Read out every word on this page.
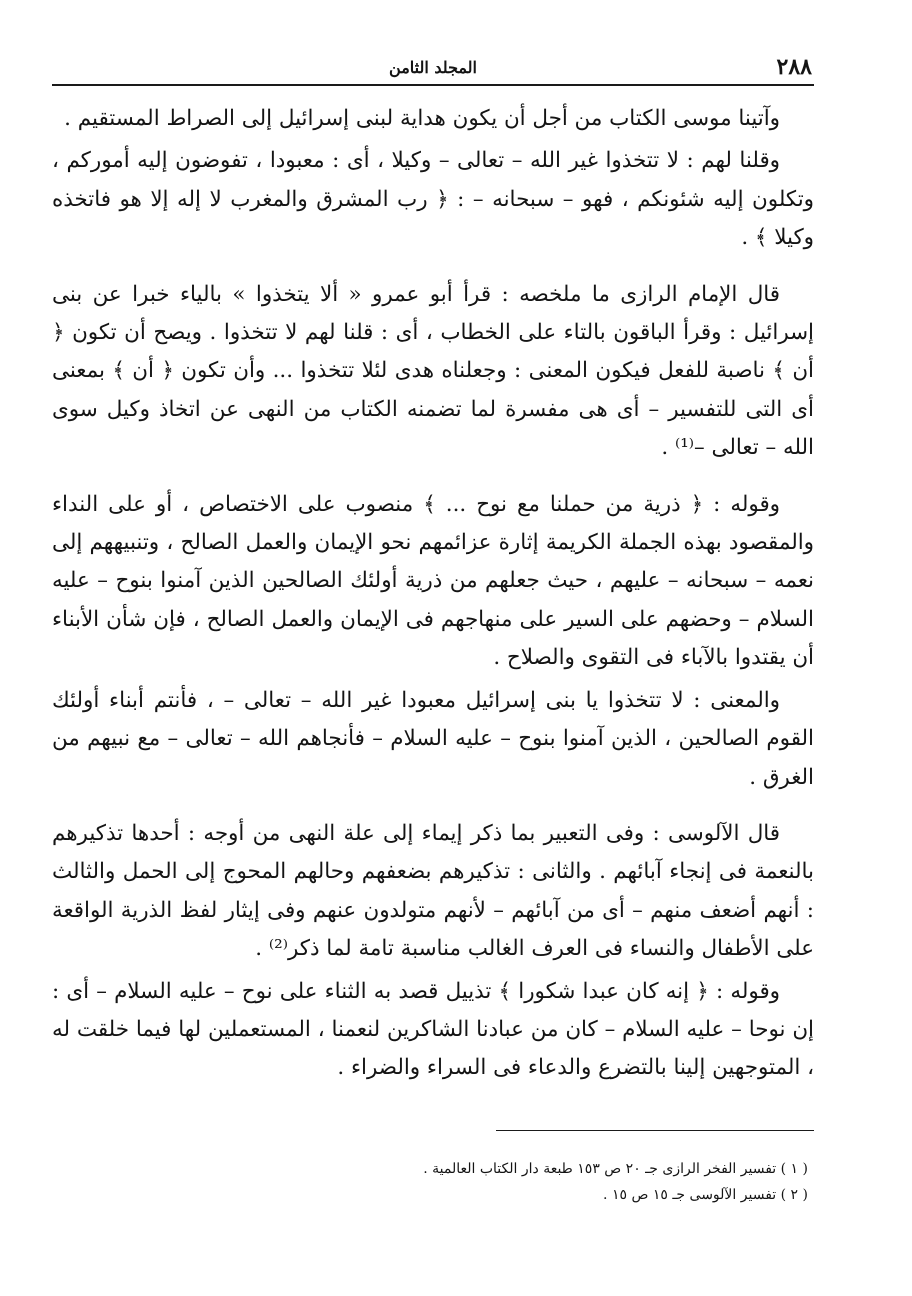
٢٨٨
المجلد الثامن

وآتينا موسى الكتاب من أجل أن يكون هداية لبنى إسرائيل إلى الصراط المستقيم .

وقلنا لهم : لا تتخذوا غير الله – تعالى – وكيلا ، أى : معبودا ، تفوضون إليه أموركم ، وتكلون إليه شئونكم ، فهو – سبحانه – : ﴿ رب المشرق والمغرب لا إله إلا هو فاتخذه وكيلا ﴾ .

قال الإمام الرازى ما ملخصه : قرأ أبو عمرو « ألا يتخذوا » بالياء خبرا عن بنى إسرائيل : وقرأ الباقون بالتاء على الخطاب ، أى : قلنا لهم لا تتخذوا . ويصح أن تكون ﴿ أن ﴾ ناصبة للفعل فيكون المعنى : وجعلناه هدى لئلا تتخذوا ... وأن تكون ﴿ أن ﴾ بمعنى أى التى للتفسير – أى هى مفسرة لما تضمنه الكتاب من النهى عن اتخاذ وكيل سوى الله – تعالى –⁽¹⁾ .

وقوله : ﴿ ذرية من حملنا مع نوح ... ﴾ منصوب على الاختصاص ، أو على النداء والمقصود بهذه الجملة الكريمة إثارة عزائمهم نحو الإيمان والعمل الصالح ، وتنبيههم إلى نعمه – سبحانه – عليهم ، حيث جعلهم من ذرية أولئك الصالحين الذين آمنوا بنوح – عليه السلام – وحضهم على السير على منهاجهم فى الإيمان والعمل الصالح ، فإن شأن الأبناء أن يقتدوا بالآباء فى التقوى والصلاح .

والمعنى : لا تتخذوا يا بنى إسرائيل معبودا غير الله – تعالى – ، فأنتم أبناء أولئك القوم الصالحين ، الذين آمنوا بنوح – عليه السلام – فأنجاهم الله – تعالى – مع نبيهم من الغرق .

قال الآلوسى : وفى التعبير بما ذكر إيماء إلى علة النهى من أوجه : أحدها تذكيرهم بالنعمة فى إنجاء آبائهم . والثانى : تذكيرهم بضعفهم وحالهم المحوج إلى الحمل والثالث : أنهم أضعف منهم – أى من آبائهم – لأنهم متولدون عنهم وفى إيثار لفظ الذرية الواقعة على الأطفال والنساء فى العرف الغالب مناسبة تامة لما ذكر⁽²⁾ .

وقوله : ﴿ إنه كان عبدا شكورا ﴾ تذييل قصد به الثناء على نوح – عليه السلام – أى : إن نوحا – عليه السلام – كان من عبادنا الشاكرين لنعمنا ، المستعملين لها فيما خلقت له ، المتوجهين إلينا بالتضرع والدعاء فى السراء والضراء .

( ١ ) تفسير الفخر الرازى جـ ٢٠ ص ١٥٣ طبعة دار الكتاب العالمية .

( ٢ ) تفسير الآلوسى جـ ١٥ ص ١٥ .
